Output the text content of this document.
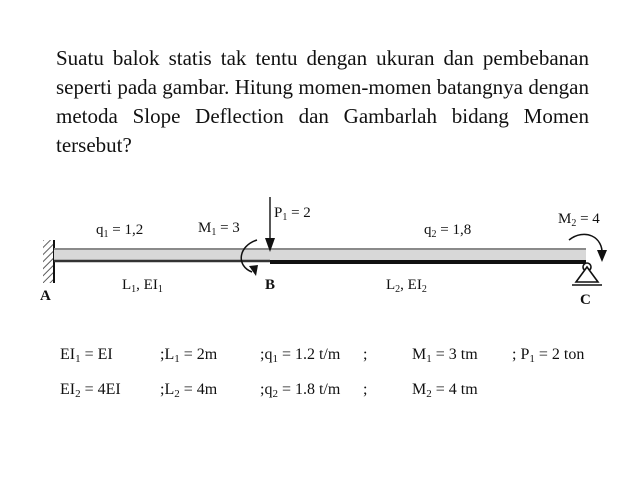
Suatu balok statis tak tentu dengan ukuran dan pembebanan seperti pada gambar. Hitung momen-momen batangnya dengan metoda Slope Deflection dan Gambarlah bidang Momen tersebut?

$q_1 = 1,2$	$M_1 = 3$
$P_1 = 2$
$q_2 = 1,8$
$M_2 = 4$
$L_1$, $EI_1$	$L_2$, $EI_2$
A
B
C
EI1 = EI	;L1 = 2m	;q1 = 1.2 t/m ;	M1 = 3 tm ; P1 = 2 ton
EI2 = 4EI ;L2 = 4m	;q2 = 1.8 t/m ;	M2 = 4 tm
